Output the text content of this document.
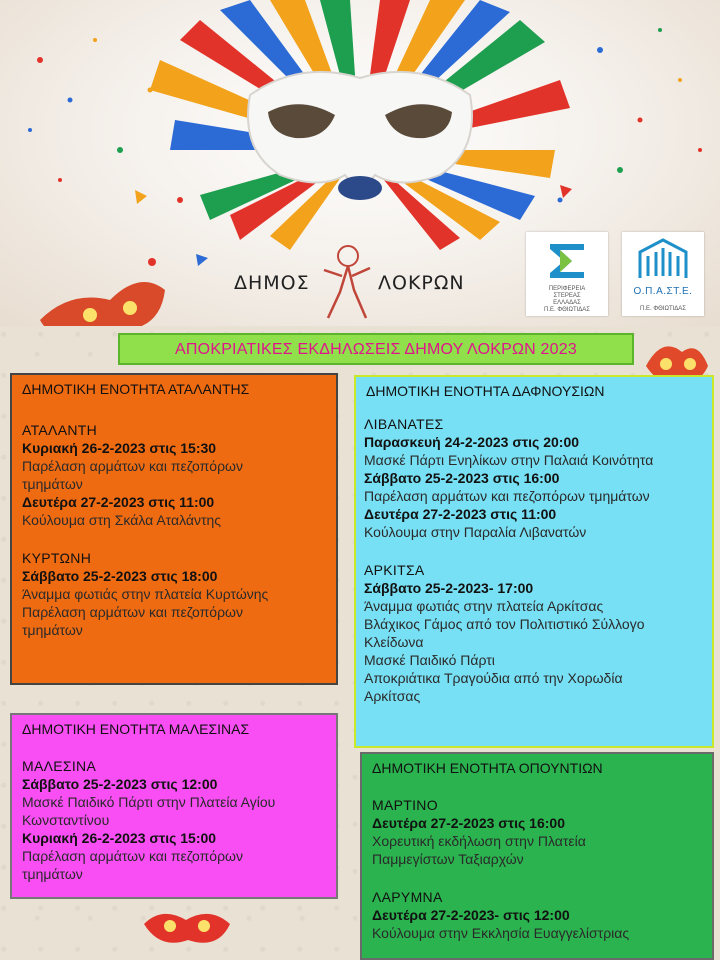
ΔΗΜΟΣ	ΛΟΚΡΩΝ	ΠΕΡΙΦΕΡΕΙΑ
ΣΤΕΡΕΑΣ
ΕΛΛΑΔΑΣ
Π.Ε. ΦΘΙΩΤΙΔΑΣ
Ο.Π.Α.ΣΤ.Ε.
Π.Ε. ΦΘΙΩΤΙΔΑΣ
ΑΠΟΚΡΙΑΤΙΚΕΣ ΕΚΔΗΛΩΣΕΙΣ ΔΗΜΟΥ ΛΟΚΡΩΝ 2023
ΔΗΜΟΤΙΚΗ ΕΝΟΤΗΤΑ ΑΤΑΛΑΝΤΗΣ
ΑΤΑΛΑΝΤΗ
Κυριακή 26-2-2023 στις 15:30
Παρέλαση αρμάτων και πεζοπόρων
τμημάτων
Δευτέρα 27-2-2023 στις 11:00
Κούλουμα στη Σκάλα Αταλάντης
ΚΥΡΤΩΝΗ
Σάββατο 25-2-2023 στις 18:00
Άναμμα φωτιάς στην πλατεία Κυρτώνης
Παρέλαση αρμάτων και πεζοπόρων
τμημάτων
ΔΗΜΟΤΙΚΗ ΕΝΟΤΗΤΑ ΔΑΦΝΟΥΣΙΩΝ
ΛΙΒΑΝΑΤΕΣ
Παρασκευή 24-2-2023 στις 20:00
Μασκέ Πάρτι Ενηλίκων στην Παλαιά Κοινότητα
Σάββατο 25-2-2023 στις 16:00
Παρέλαση αρμάτων και πεζοπόρων τμημάτων
Δευτέρα 27-2-2023 στις 11:00
Κούλουμα στην Παραλία Λιβανατών
ΑΡΚΙΤΣΑ
Σάββατο 25-2-2023- 17:00
Άναμμα φωτιάς στην πλατεία Αρκίτσας
Βλάχικος Γάμος από τον Πολιτιστικό Σύλλογο
Κλείδωνα
Μασκέ Παιδικό Πάρτι
Αποκριάτικα Τραγούδια από την Χορωδία
Αρκίτσας
ΔΗΜΟΤΙΚΗ ΕΝΟΤΗΤΑ ΜΑΛΕΣΙΝΑΣ
ΜΑΛΕΣΙΝΑ
Σάββατο 25-2-2023 στις 12:00
Μασκέ Παιδικό Πάρτι στην Πλατεία Αγίου
Κωνσταντίνου
Κυριακή 26-2-2023 στις 15:00
Παρέλαση αρμάτων και πεζοπόρων
τμημάτων
ΔΗΜΟΤΙΚΗ ΕΝΟΤΗΤΑ ΟΠΟΥΝΤΙΩΝ
ΜΑΡΤΙΝΟ
Δευτέρα 27-2-2023 στις 16:00
Χορευτική εκδήλωση στην Πλατεία
Παμμεγίστων Ταξιαρχών
ΛΑΡΥΜΝΑ
Δευτέρα 27-2-2023- στις 12:00
Κούλουμα στην Εκκλησία Ευαγγελίστριας
